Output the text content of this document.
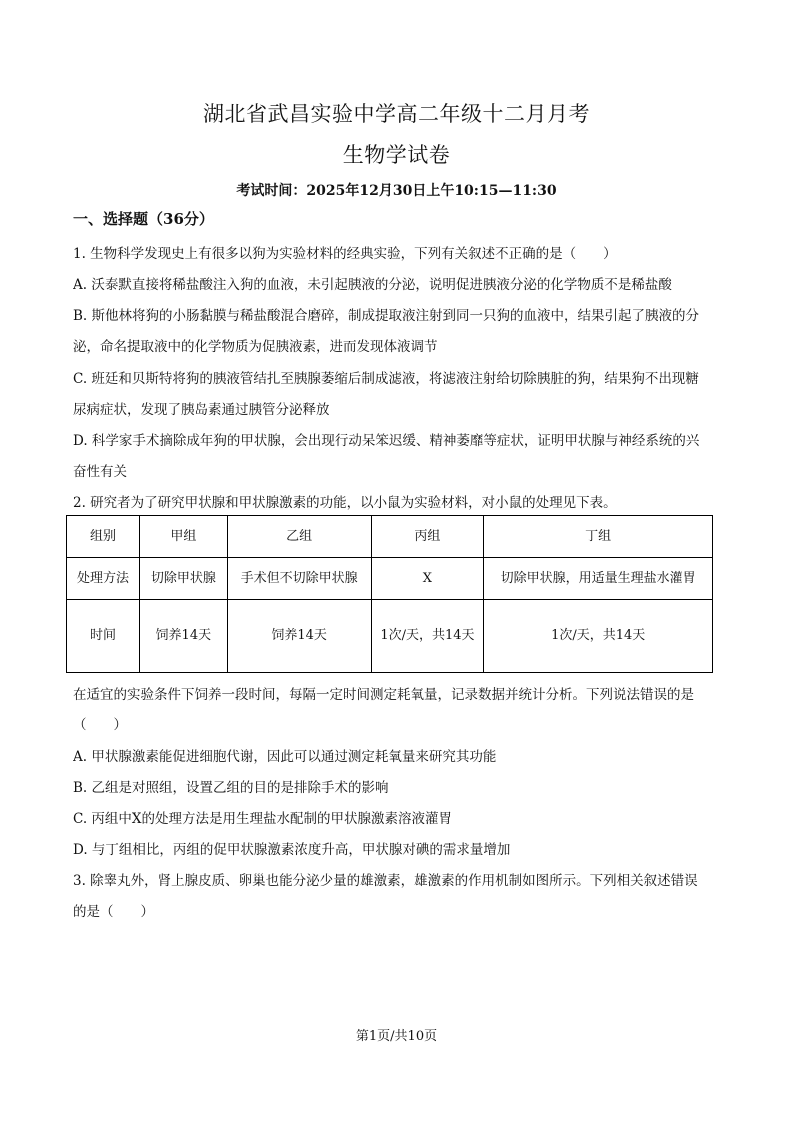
湖北省武昌实验中学高二年级十二月月考
生物学试卷
考试时间：2025年12月30日上午10:15—11:30
一、选择题（36分）
1. 生物科学发现史上有很多以狗为实验材料的经典实验，下列有关叙述不正确的是（　　）
A. 沃泰默直接将稀盐酸注入狗的血液，未引起胰液的分泌，说明促进胰液分泌的化学物质不是稀盐酸
B. 斯他林将狗的小肠黏膜与稀盐酸混合磨碎，制成提取液注射到同一只狗的血液中，结果引起了胰液的分
泌，命名提取液中的化学物质为促胰液素，进而发现体液调节
C. 班廷和贝斯特将狗的胰液管结扎至胰腺萎缩后制成滤液，将滤液注射给切除胰脏的狗，结果狗不出现糖
尿病症状，发现了胰岛素通过胰管分泌释放
D. 科学家手术摘除成年狗的甲状腺，会出现行动呆笨迟缓、精神萎靡等症状，证明甲状腺与神经系统的兴
奋性有关
2. 研究者为了研究甲状腺和甲状腺激素的功能，以小鼠为实验材料，对小鼠的处理见下表。
组别	甲组	乙组	丙组	丁组
处理方法	切除甲状腺	手术但不切除甲状腺	X	切除甲状腺，用适量生理盐水灌胃
时间	饲养14天	饲养14天	1次/天，共14天	1次/天，共14天
在适宜的实验条件下饲养一段时间，每隔一定时间测定耗氧量，记录数据并统计分析。下列说法错误的是
（　　）
A. 甲状腺激素能促进细胞代谢，因此可以通过测定耗氧量来研究其功能
B. 乙组是对照组，设置乙组的目的是排除手术的影响
C. 丙组中X的处理方法是用生理盐水配制的甲状腺激素溶液灌胃
D. 与丁组相比，丙组的促甲状腺激素浓度升高，甲状腺对碘的需求量增加
3. 除睾丸外，肾上腺皮质、卵巢也能分泌少量的雄激素，雄激素的作用机制如图所示。下列相关叙述错误
的是（　　）
第1页/共10页
